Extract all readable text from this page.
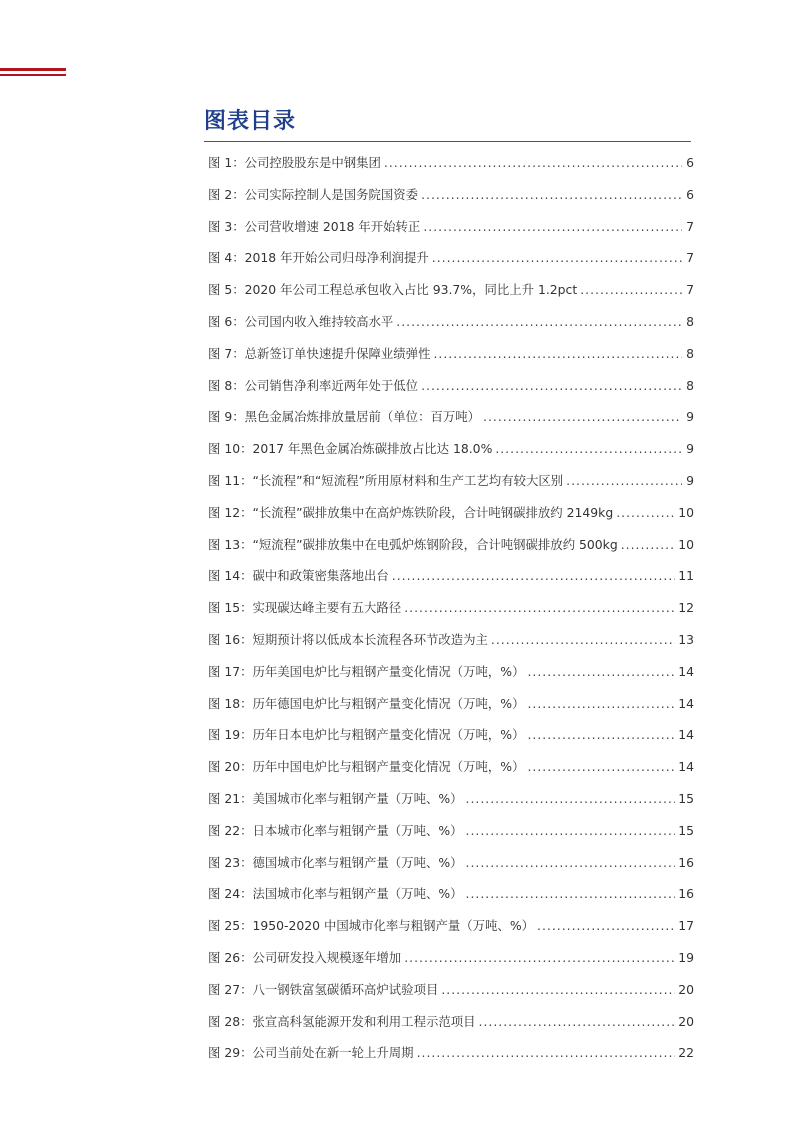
图表目录
图 1：公司控股股东是中钢集团 .....	6
图 2：公司实际控制人是国务院国资委 .....	6
图 3：公司营收增速 2018 年开始转正 .....	7
图 4：2018 年开始公司归母净利润提升 .....	7
图 5：2020 年公司工程总承包收入占比 93.7%，同比上升 1.2pct .....	7
图 6：公司国内收入维持较高水平 .....	8
图 7：总新签订单快速提升保障业绩弹性 .....	8
图 8：公司销售净利率近两年处于低位 .....	8
图 9：黑色金属冶炼排放量居前（单位：百万吨） .....	9
图 10：2017 年黑色金属冶炼碳排放占比达 18.0% .....	9
图 11：“长流程”和“短流程”所用原材料和生产工艺均有较大区别 .....	9
图 12：“长流程”碳排放集中在高炉炼铁阶段，合计吨钢碳排放约 2149kg .....	10
图 13：“短流程”碳排放集中在电弧炉炼钢阶段，合计吨钢碳排放约 500kg .....	10
图 14：碳中和政策密集落地出台 .....	11
图 15：实现碳达峰主要有五大路径 .....	12
图 16：短期预计将以低成本长流程各环节改造为主 .....	13
图 17：历年美国电炉比与粗钢产量变化情况（万吨，%） .....	14
图 18：历年德国电炉比与粗钢产量变化情况（万吨，%） .....	14
图 19：历年日本电炉比与粗钢产量变化情况（万吨，%） .....	14
图 20：历年中国电炉比与粗钢产量变化情况（万吨，%） .....	14
图 21：美国城市化率与粗钢产量（万吨、%） .....	15
图 22：日本城市化率与粗钢产量（万吨、%） .....	15
图 23：德国城市化率与粗钢产量（万吨、%） .....	16
图 24：法国城市化率与粗钢产量（万吨、%） .....	16
图 25：1950-2020 中国城市化率与粗钢产量（万吨、%） .....	17
图 26：公司研发投入规模逐年增加 .....	19
图 27：八一钢铁富氢碳循环高炉试验项目 .....	20
图 28：张宣高科氢能源开发和利用工程示范项目 .....	20
图 29：公司当前处在新一轮上升周期 .....	22
